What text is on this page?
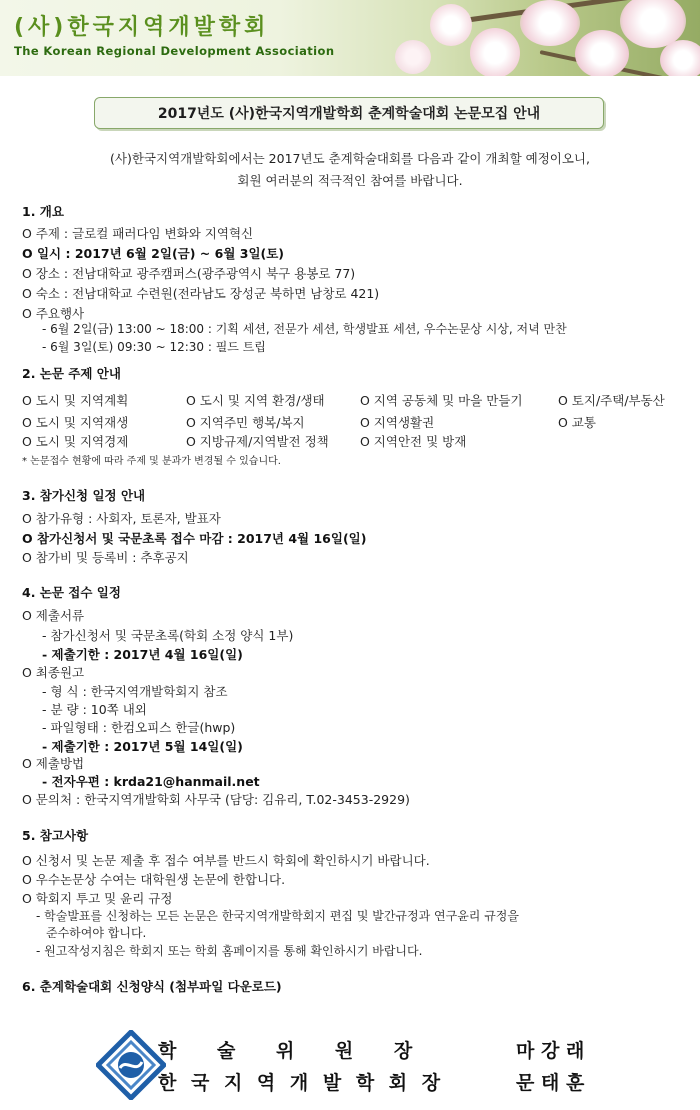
(사)한국지역개발학회
The Korean Regional Development Association
2017년도 (사)한국지역개발학회 춘계학술대회 논문모집 안내
(사)한국지역개발학회에서는 2017년도 춘계학술대회를 다음과 같이 개최할 예정이오니,
회원 여러분의 적극적인 참여를 바랍니다.
1. 개요
O 주제 : 글로컬 패러다임 변화와 지역혁신
O 일시 : 2017년 6월 2일(금) ~ 6월 3일(토)
O 장소 : 전남대학교 광주캠퍼스(광주광역시 북구 용봉로 77)
O 숙소 : 전남대학교 수련원(전라남도 장성군 북하면 남창로 421)
O 주요행사
- 6월 2일(금) 13:00 ~ 18:00 : 기획 세션, 전문가 세션, 학생발표 세션, 우수논문상 시상, 저녁 만찬
- 6월 3일(토) 09:30 ~ 12:30 : 필드 트립
2. 논문 주제 안내
O 도시 및 지역계획	O 도시 및 지역 환경/생태	O 지역 공동체 및 마을 만들기	O 토지/주택/부동산
O 도시 및 지역재생	O 지역주민 행복/복지	O 지역생활권	O 교통
O 도시 및 지역경제	O 지방규제/지역발전 정책	O 지역안전 및 방재
* 논문접수 현황에 따라 주제 및 분과가 변경될 수 있습니다.
3. 참가신청 일정 안내
O 참가유형 : 사회자, 토론자, 발표자
O 참가신청서 및 국문초록 접수 마감 : 2017년 4월 16일(일)
O 참가비 및 등록비 : 추후공지
4. 논문 접수 일정
O 제출서류
- 참가신청서 및 국문초록(학회 소정 양식 1부)
- 제출기한 : 2017년 4월 16일(일)
O 최종원고
- 형 식 : 한국지역개발학회지 참조
- 분 량 : 10쪽 내외
- 파일형태 : 한컴오피스 한글(hwp)
- 제출기한 : 2017년 5월 14일(일)
O 제출방법
- 전자우편 : krda21@hanmail.net
O 문의처 : 한국지역개발학회 사무국 (담당: 김유리, T.02-3453-2929)
5. 참고사항
O 신청서 및 논문 제출 후 접수 여부를 반드시 학회에 확인하시기 바랍니다.
O 우수논문상 수여는 대학원생 논문에 한합니다.
O 학회지 투고 및 윤리 규정
- 학술발표를 신청하는 모든 논문은 한국지역개발학회지 편집 및 발간규정과 연구윤리 규정을
준수하여야 합니다.
- 원고작성지침은 학회지 또는 학회 홈페이지를 통해 확인하시기 바랍니다.
6. 춘계학술대회 신청양식 (첨부파일 다운로드)
학 술 위 원 장	마 강 래
한 국 지 역 개 발 학 회 장	문 태 훈
